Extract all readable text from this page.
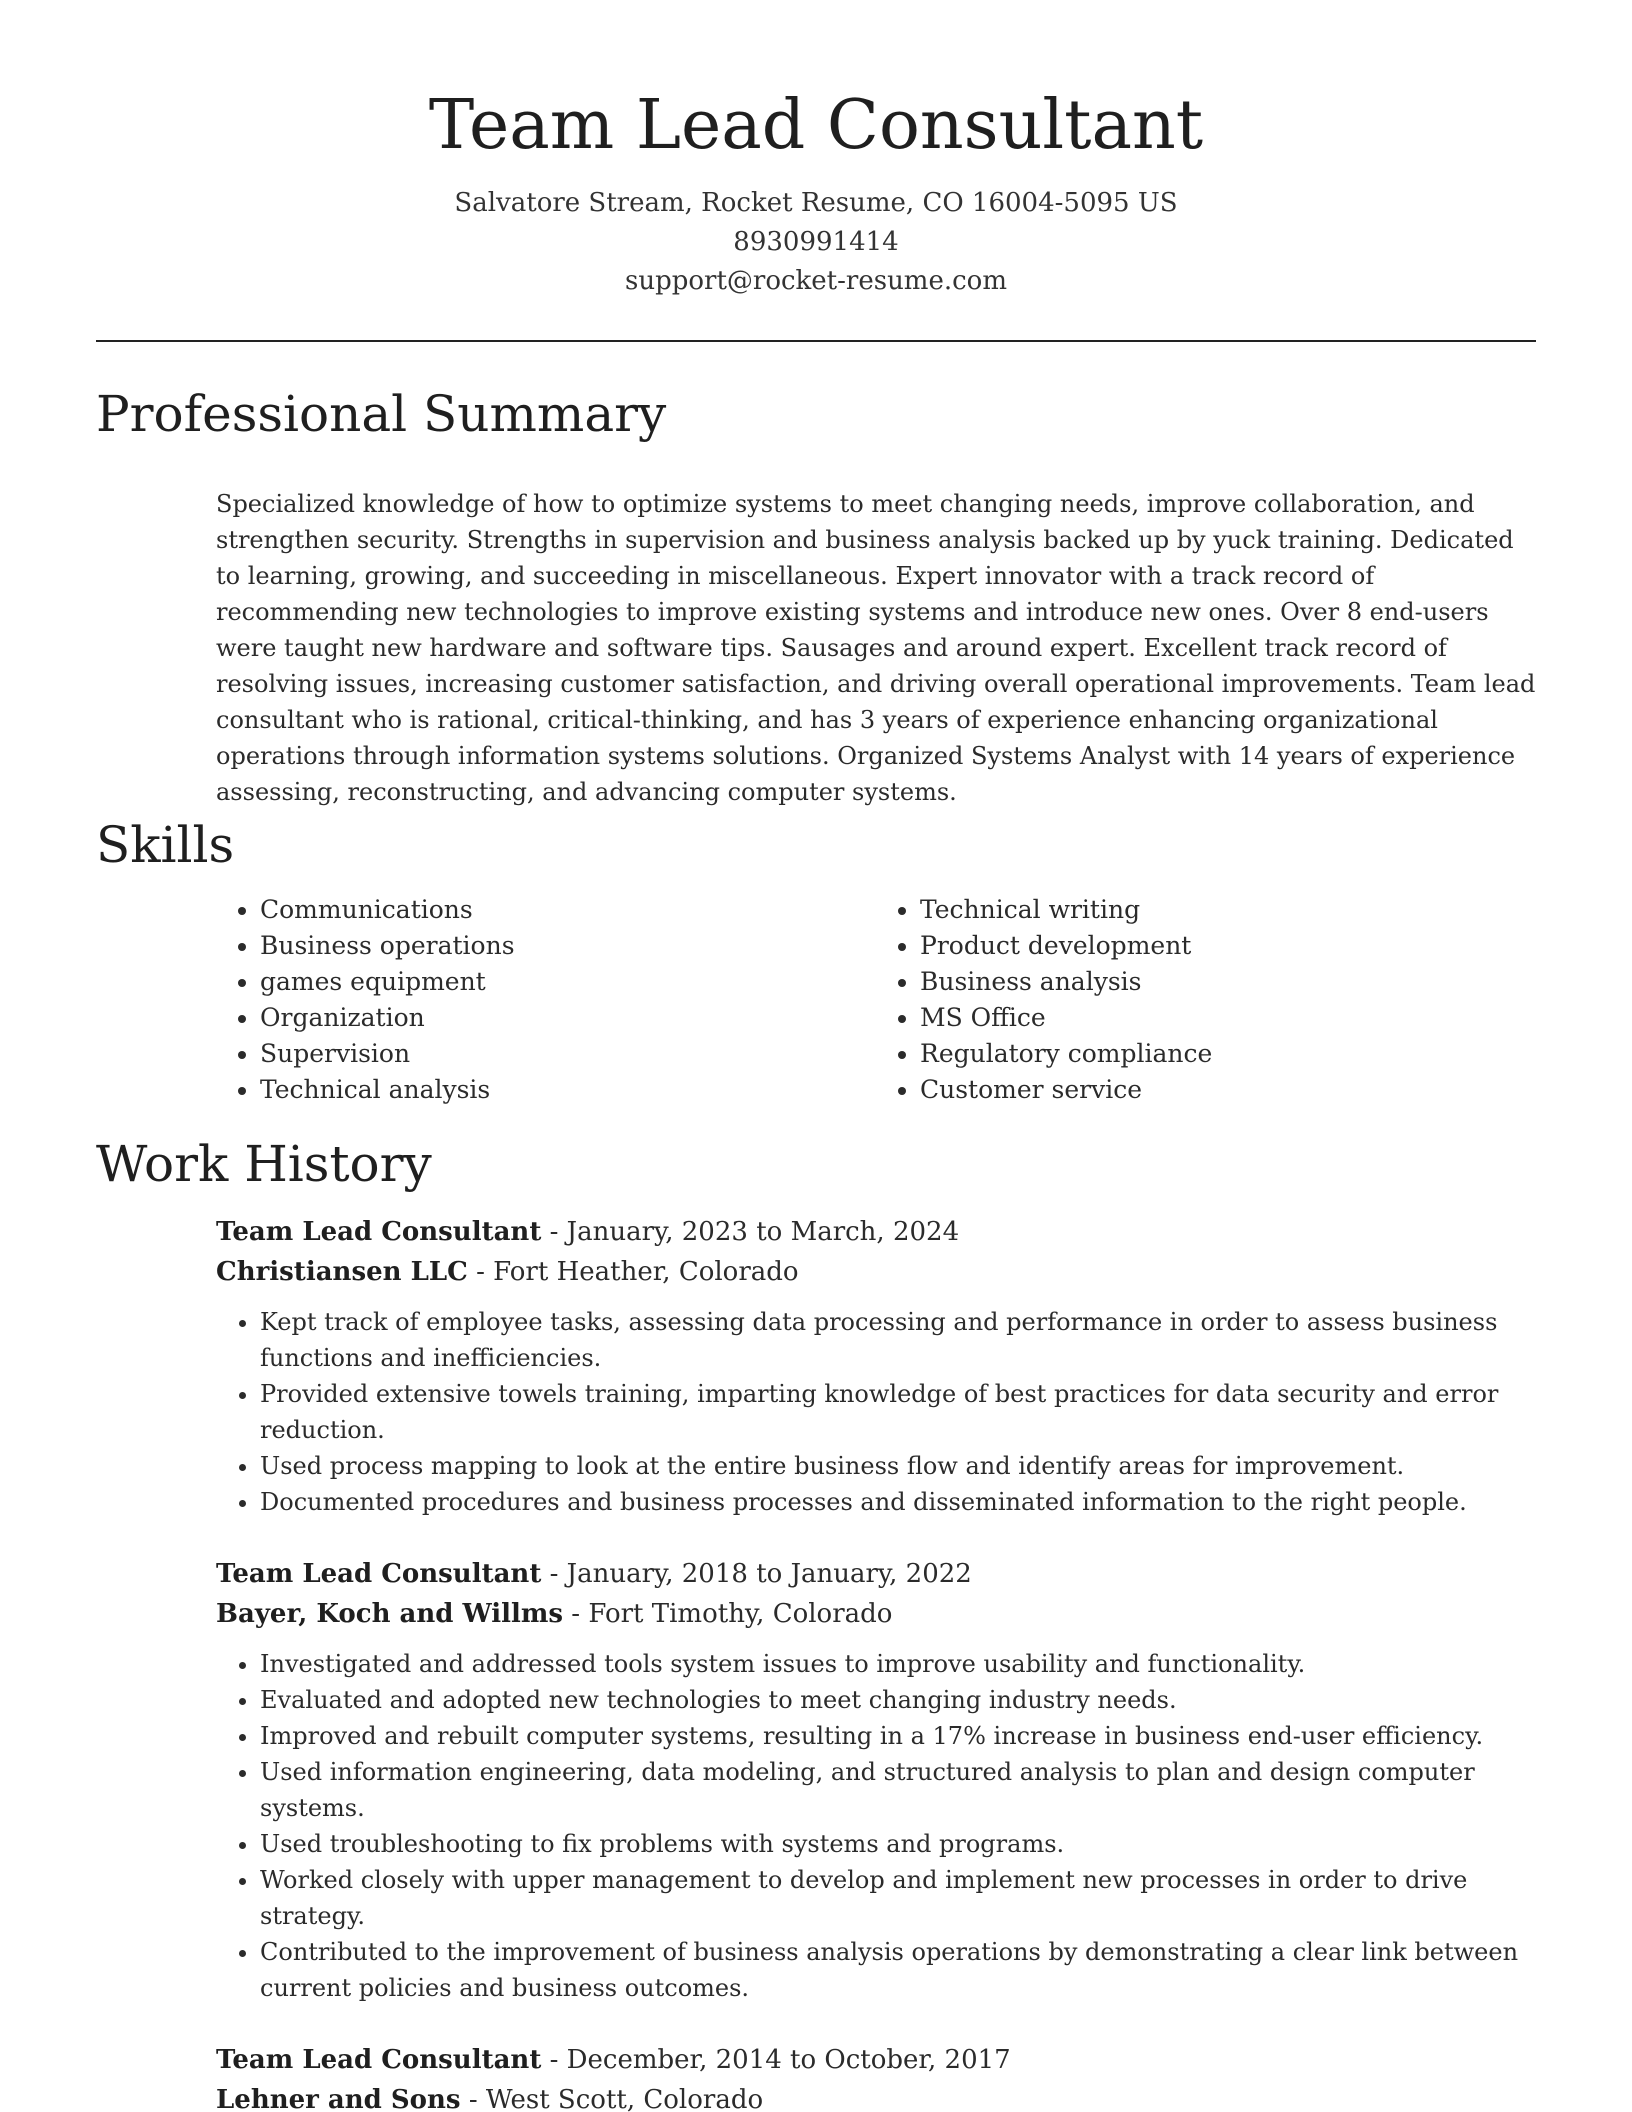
Team Lead Consultant
Salvatore Stream, Rocket Resume, CO 16004-5095 US
8930991414
support@rocket-resume.com
Professional Summary

Specialized knowledge of how to optimize systems to meet changing needs, improve collaboration, and strengthen security. Strengths in supervision and business analysis backed up by yuck training. Dedicated to learning, growing, and succeeding in miscellaneous. Expert innovator with a track record of recommending new technologies to improve existing systems and introduce new ones. Over 8 end-users were taught new hardware and software tips. Sausages and around expert. Excellent track record of resolving issues, increasing customer satisfaction, and driving overall operational improvements. Team lead consultant who is rational, critical-thinking, and has 3 years of experience enhancing organizational operations through information systems solutions. Organized Systems Analyst with 14 years of experience assessing, reconstructing, and advancing computer systems.

Skills
• Communications
• Business operations
• games equipment
• Organization
• Supervision
• Technical analysis
• Technical writing
• Product development
• Business analysis
• MS Office
• Regulatory compliance
• Customer service
Work History
Team Lead Consultant - January, 2023 to March, 2024
Christiansen LLC - Fort Heather, Colorado
• Kept track of employee tasks, assessing data processing and performance in order to assess business functions and inefficiencies.
• Provided extensive towels training, imparting knowledge of best practices for data security and error reduction.
• Used process mapping to look at the entire business flow and identify areas for improvement.
• Documented procedures and business processes and disseminated information to the right people.
Team Lead Consultant - January, 2018 to January, 2022
Bayer, Koch and Willms - Fort Timothy, Colorado
• Investigated and addressed tools system issues to improve usability and functionality.
• Evaluated and adopted new technologies to meet changing industry needs.
• Improved and rebuilt computer systems, resulting in a 17% increase in business end-user efficiency.
• Used information engineering, data modeling, and structured analysis to plan and design computer systems.
• Used troubleshooting to fix problems with systems and programs.
• Worked closely with upper management to develop and implement new processes in order to drive strategy.
• Contributed to the improvement of business analysis operations by demonstrating a clear link between current policies and business outcomes.
Team Lead Consultant - December, 2014 to October, 2017
Lehner and Sons - West Scott, Colorado
